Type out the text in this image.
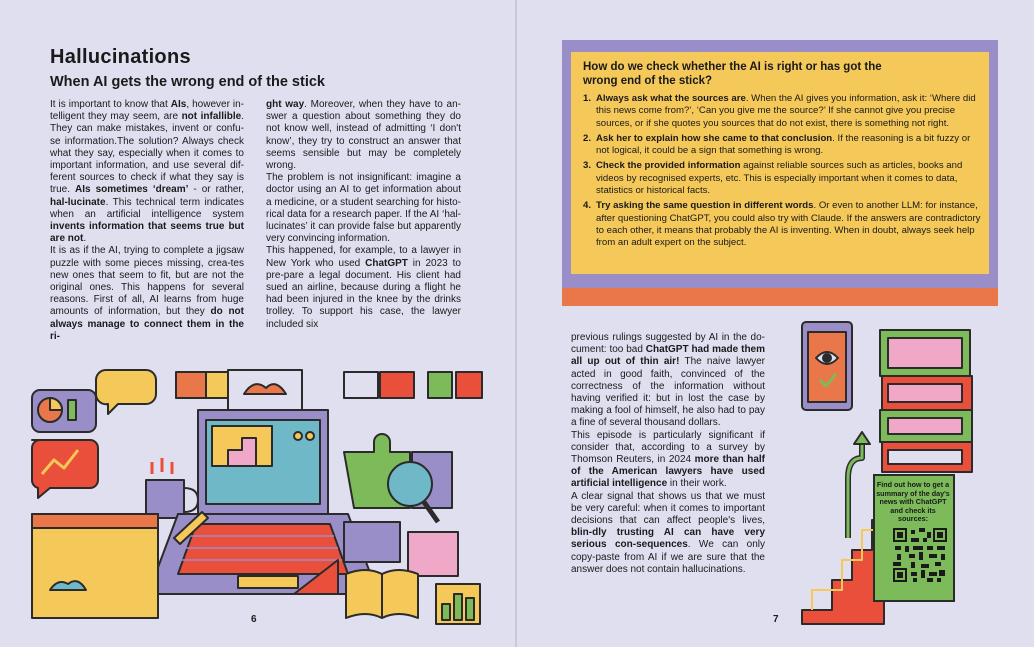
Hallucinations
When AI gets the wrong end of the stick

It is important to know that AIs, however in-telligent they may seem, are not infallible. They can make mistakes, invent or confu-se information.The solution? Always check what they say, especially when it comes to important information, and use several dif-ferent sources to check if what they say is true. AIs sometimes ‘dream’ - or rather, hal-lucinate. This technical term indicates when an artificial intelligence system invents information that seems true but are not.

It is as if the AI, trying to complete a jigsaw puzzle with some pieces missing, crea-tes new ones that seem to fit, but are not the original ones. This happens for several reasons. First of all, AI learns from huge amounts of information, but they do not always manage to connect them in the ri-

ght way. Moreover, when they have to an-swer a question about something they do not know well, instead of admitting ‘I don't know’, they try to construct an answer that seems sensible but may be completely wrong.

The problem is not insignificant: imagine a doctor using an AI to get information about a medicine, or a student searching for histo-rical data for a research paper. If the AI ‘hal-lucinates’ it can provide false but apparently very convincing information.

This happened, for example, to a lawyer in New York who used ChatGPT in 2023 to pre-pare a legal document. His client had sued an airline, because during a flight he had been injured in the knee by the drinks trolley. To support his case, the lawyer included six

6
How do we check whether the AI is right or has got the wrong end of the stick?
1. Always ask what the sources are. When the AI gives you information, ask it: ‘Where did this news come from?’, ‘Can you give me the source?’ If she cannot give you precise sources, or if she quotes you sources that do not exist, there is something not right.
2. Ask her to explain how she came to that conclusion. If the reasoning is a bit fuzzy or not logical, it could be a sign that something is wrong.
3. Check the provided information against reliable sources such as articles, books and videos by recognised experts, etc. This is especially important when it comes to data, statistics or historical facts.
4. Try asking the same question in different words. Or even to another LLM: for instance, after questioning ChatGPT, you could also try with Claude. If the answers are contradictory to each other, it means that probably the AI is inventing. When in doubt, always seek help from an adult expert on the subject.

previous rulings suggested by AI in the do-cument: too bad ChatGPT had made them all up out of thin air! The naive lawyer acted in good faith, convinced of the correctness of the information without having verified it: but in lost the case by making a fool of himself, he also had to pay a fine of several thousand dollars.

This episode is particularly significant if consider that, according to a survey by Thomson Reuters, in 2024 more than half of the American lawyers have used artificial intelligence in their work.

A clear signal that shows us that we must be very careful: when it comes to important decisions that can affect people's lives, blin-dly trusting AI can have very serious con-sequences. We can only copy-paste from AI if we are sure that the answer does not contain hallucinations.

Find out how to get a summary of the day's news with ChatGPT and check its sources:
7
